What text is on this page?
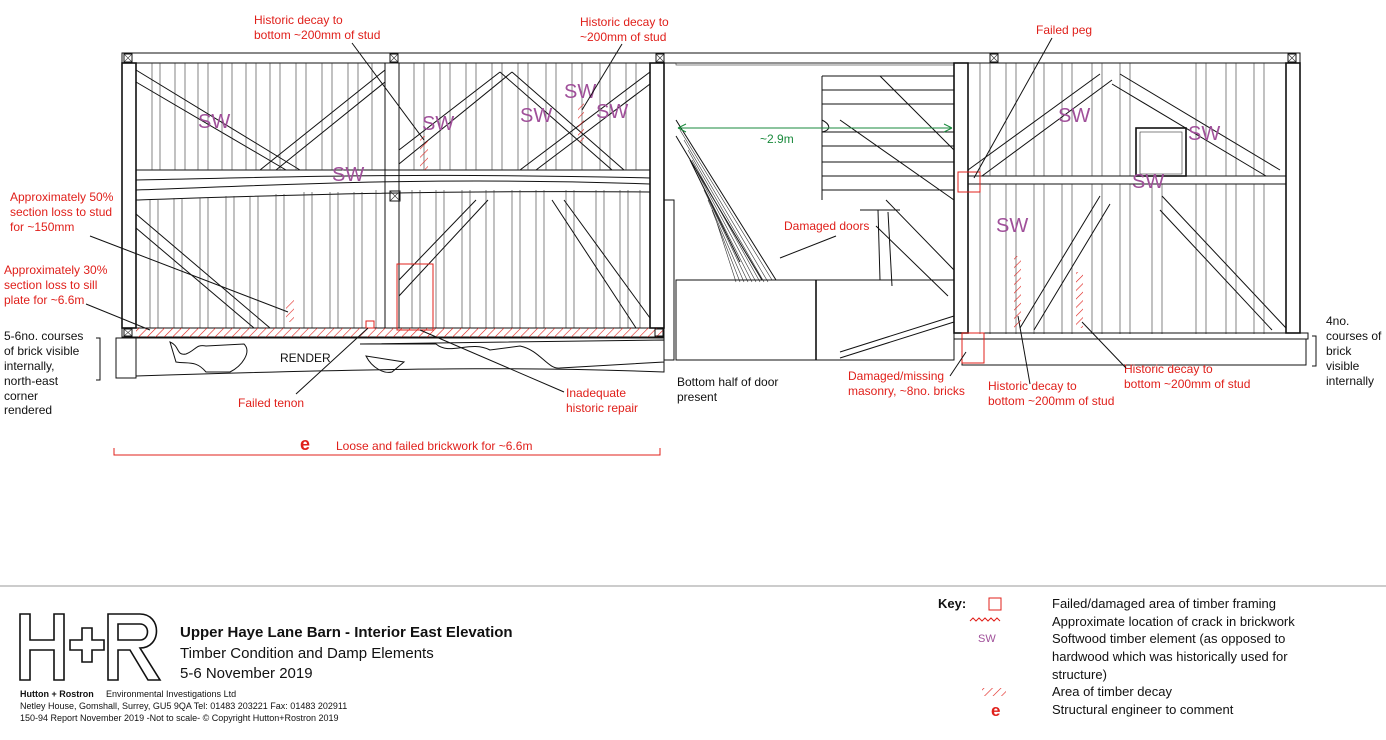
~2.9m
SW	SW
SW
SW SW
SW
SW
SW
SW
SW
Historic decay to
bottom ~200mm of stud
Historic decay to
~200mm of stud	Failed peg
Approximately 50%
section loss to stud
for ~150mm
Approximately 30%
section loss to sill
plate for ~6.6m
5-6no. courses
of brick visible
internally,
north-east
corner
rendered
RENDER
Failed tenon
Inadequate
historic repair
Bottom half of door
present
Damaged doors
Damaged/missing
masonry, ~8no. bricks Historic decay to
bottom ~200mm of stud
Historic decay to
bottom ~200mm of stud
4no.
courses of
brick
visible
internally
e Loose and failed brickwork for ~6.6m
Upper Haye Lane Barn - Interior East Elevation
Timber Condition and Damp Elements
5-6 November 2019
Hutton + Rostron Environmental Investigations Ltd
Netley House, Gomshall, Surrey, GU5 9QA Tel: 01483 203221 Fax: 01483 202911
150-94 Report November 2019 -Not to scale- © Copyright Hutton+Rostron 2019
Key:	Failed/damaged area of timber framing
Approximate location of crack in brickwork
SW	Softwood timber element (as opposed to
hardwood which was historically used for
structure)
Area of timber decay
e	Structural engineer to comment
